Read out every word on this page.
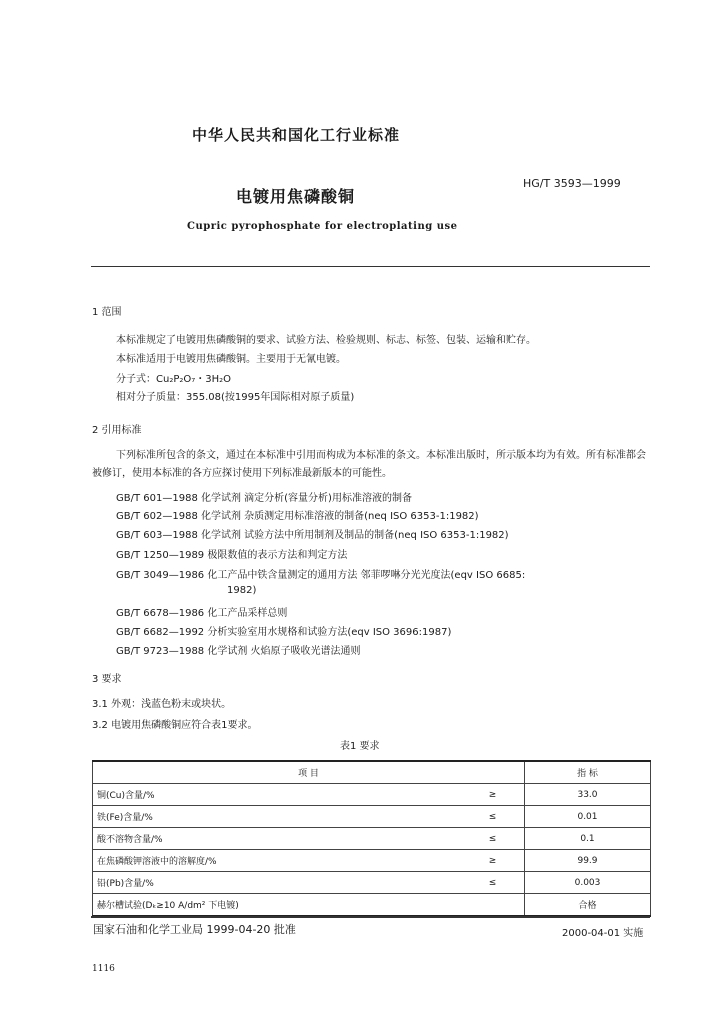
中华人民共和国化工行业标准
电镀用焦磷酸铜
HG/T 3593—1999
Cupric pyrophosphate for electroplating use
1 范围
本标准规定了电镀用焦磷酸铜的要求、试验方法、检验规则、标志、标签、包装、运输和贮存。
本标准适用于电镀用焦磷酸铜。主要用于无氰电镀。
分子式：Cu₂P₂O₇・3H₂O
相对分子质量：355.08(按1995年国际相对原子质量)
2 引用标准
下列标准所包含的条文，通过在本标准中引用而构成为本标准的条文。本标准出版时，所示版本均为有效。所有标准都会被修订，使用本标准的各方应探讨使用下列标准最新版本的可能性。
GB/T 601—1988 化学试剂 滴定分析(容量分析)用标准溶液的制备
GB/T 602—1988 化学试剂 杂质测定用标准溶液的制备(neq ISO 6353-1:1982)
GB/T 603—1988 化学试剂 试验方法中所用制剂及制品的制备(neq ISO 6353-1:1982)
GB/T 1250—1989 极限数值的表示方法和判定方法
GB/T 3049—1986 化工产品中铁含量测定的通用方法 邻菲啰啉分光光度法(eqv ISO 6685:
1982)
GB/T 6678—1986 化工产品采样总则
GB/T 6682—1992 分析实验室用水规格和试验方法(eqv ISO 3696:1987)
GB/T 9723—1988 化学试剂 火焰原子吸收光谱法通则
3 要求
3.1 外观：浅蓝色粉末或块状。
3.2 电镀用焦磷酸铜应符合表1要求。
表1 要求
项 目		指 标
铜(Cu)含量/%	≥	33.0
铁(Fe)含量/%	≤	0.01
酸不溶物含量/%	≤	0.1
在焦磷酸钾溶液中的溶解度/%	≥	99.9
铅(Pb)含量/%	≤	0.003
赫尔槽试验(Dₖ≥10 A/dm² 下电镀)		合格
国家石油和化学工业局 1999-04-20 批准	2000-04-01 实施
1116
